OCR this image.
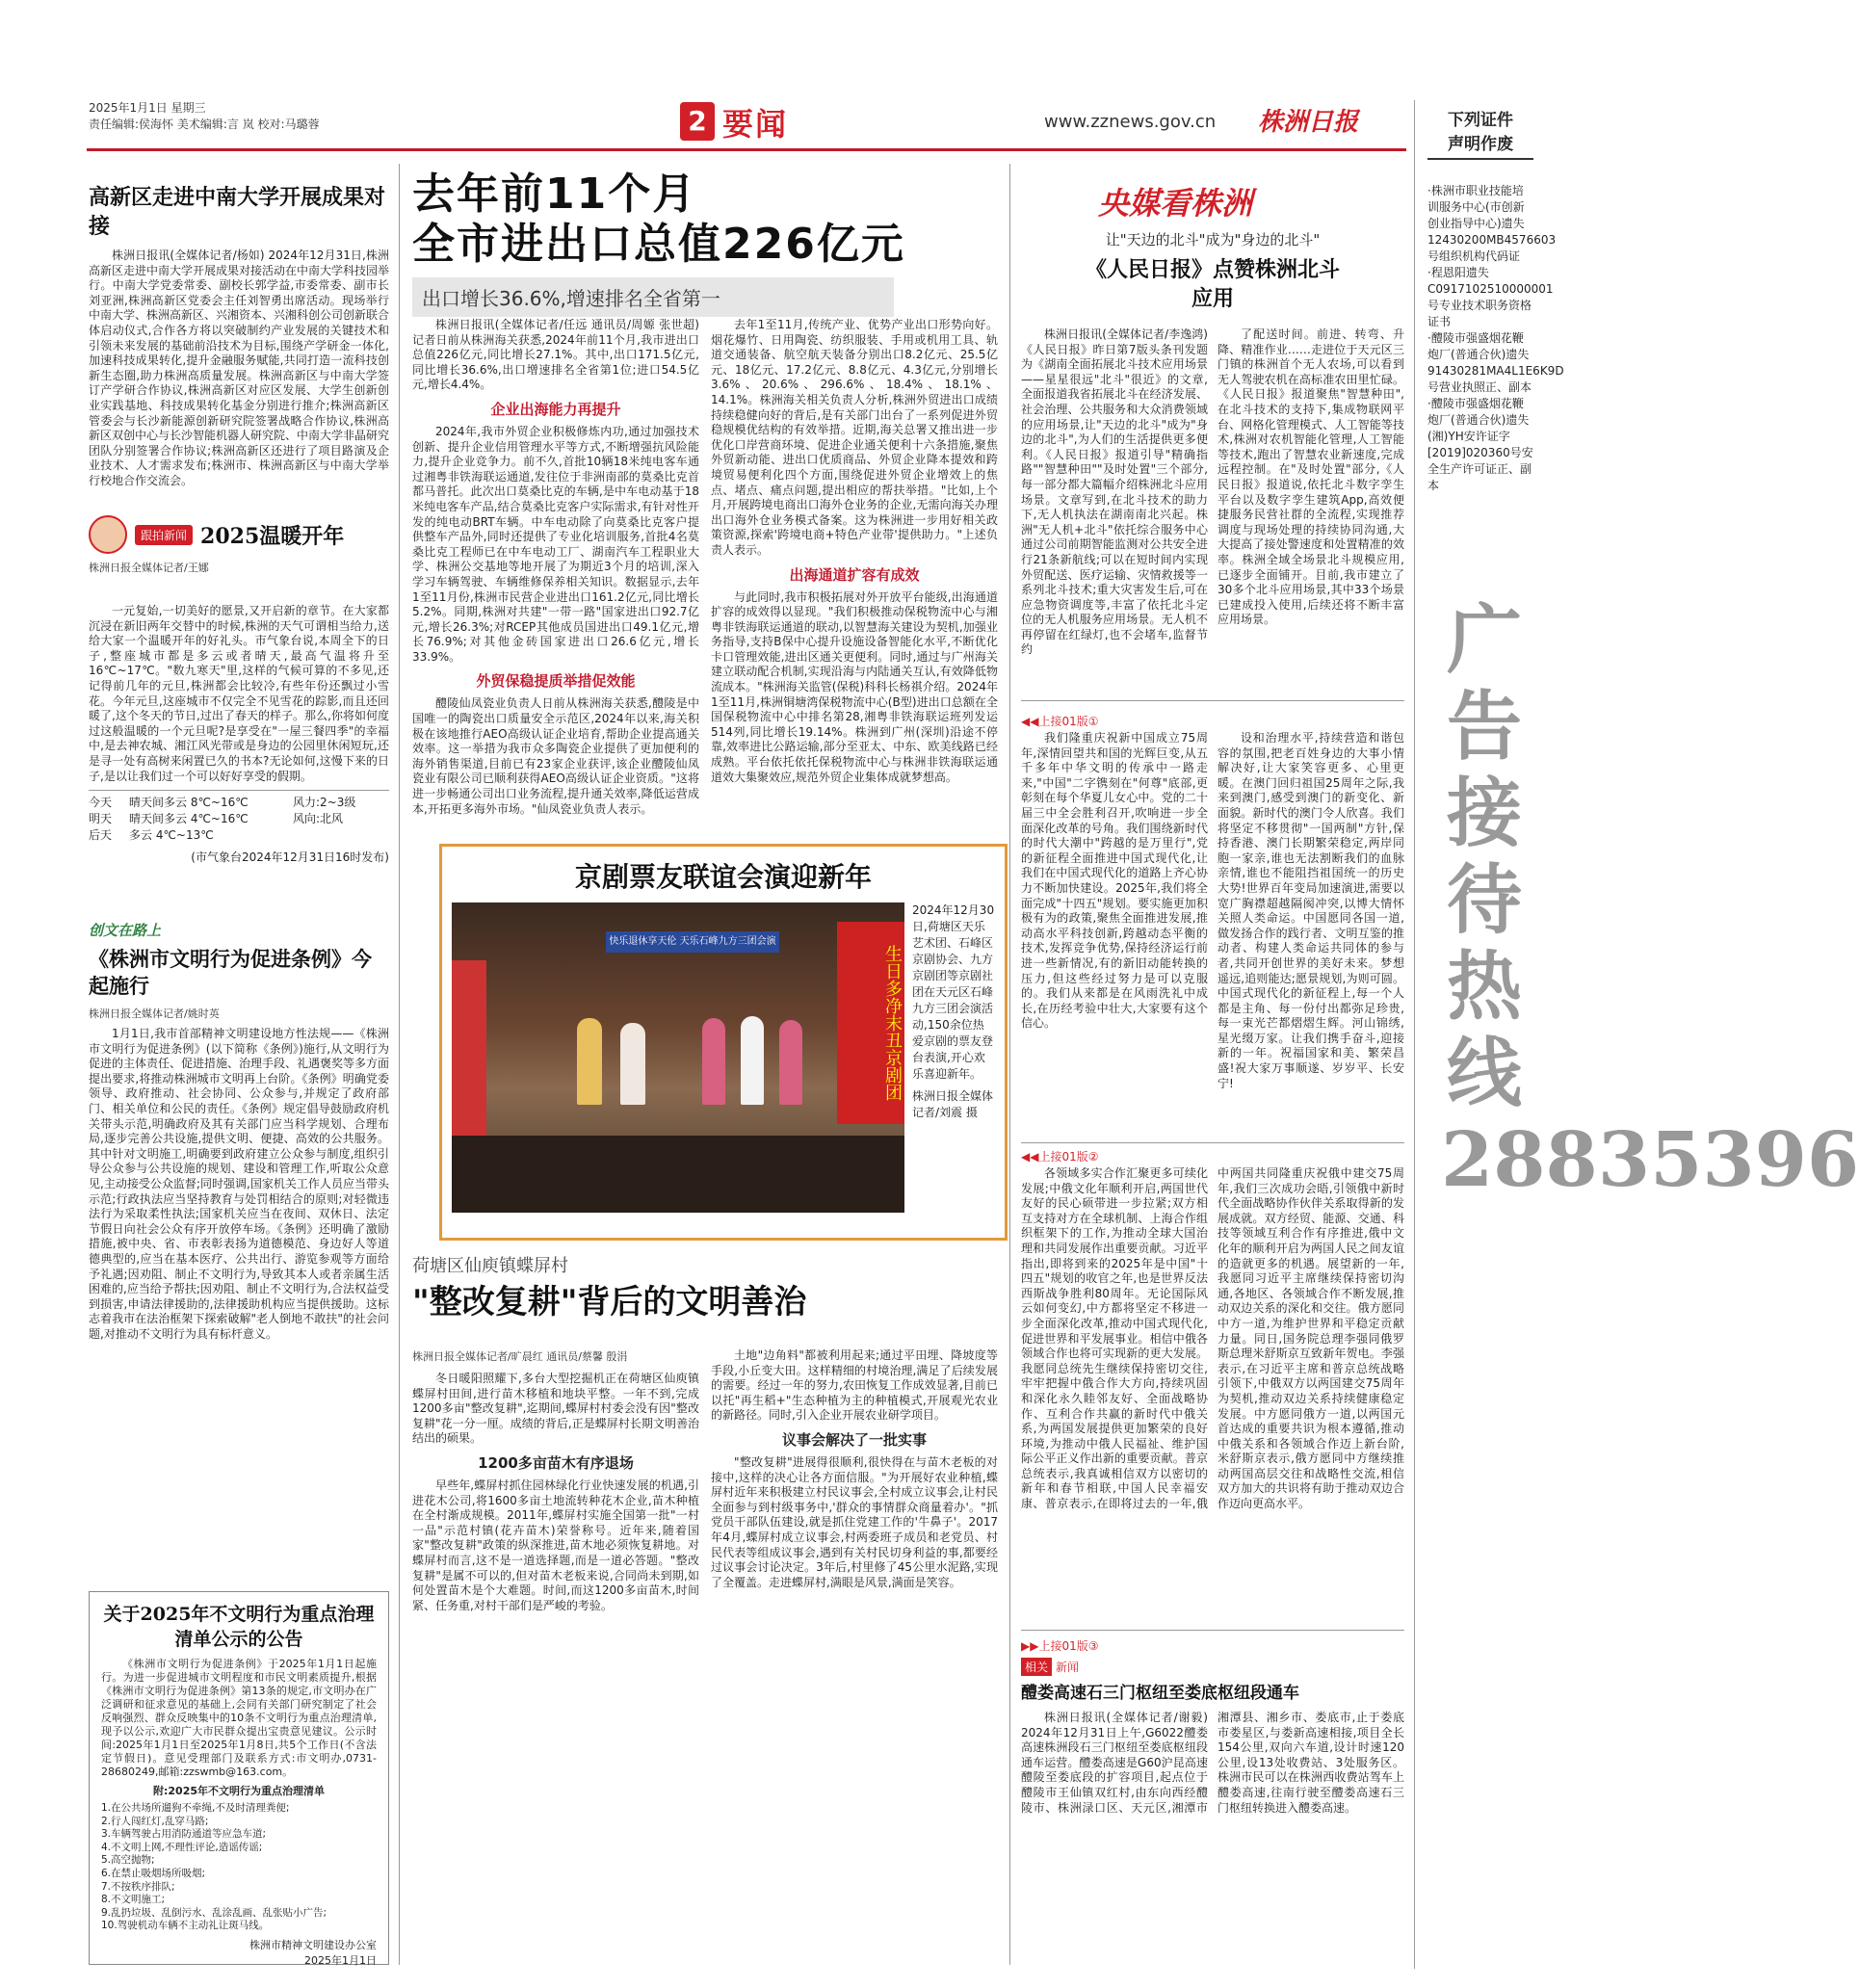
2025年1月1日 星期三
责任编辑:侯海怀 美术编辑:言 岚 校对:马璐蓉	2 要闻	www.zznews.gov.cn 株洲日报
高新区走进中南大学开展成果对接

株洲日报讯(全媒体记者/杨如) 2024年12月31日,株洲高新区走进中南大学开展成果对接活动在中南大学科技园举行。中南大学党委常委、副校长郭学益,市委常委、副市长刘亚洲,株洲高新区党委会主任刘智勇出席活动。现场举行中南大学、株洲高新区、兴湘资本、兴湘科创公司创新联合体启动仪式,合作各方将以突破制约产业发展的关键技术和引领未来发展的基础前沿技术为目标,围绕产学研金一体化,加速科技成果转化,提升金融服务赋能,共同打造一流科技创新生态圈,助力株洲高质量发展。株洲高新区与中南大学签订产学研合作协议,株洲高新区对应区发展、大学生创新创业实践基地、科技成果转化基金分别进行推介;株洲高新区管委会与长沙新能源创新研究院签署战略合作协议,株洲高新区双创中心与长沙智能机器人研究院、中南大学非晶研究团队分别签署合作协议;株洲高新区还进行了项目路演及企业技术、人才需求发布;株洲市、株洲高新区与中南大学举行校地合作交流会。

跟拍新闻 2025温暖开年
株洲日报全媒体记者/王娜

一元复始,一切美好的愿景,又开启新的章节。在大家都沉浸在新旧两年交替中的时候,株洲的天气可谓相当给力,送给大家一个温暖开年的好礼头。市气象台说,本周全下的日子,整座城市都是多云或者晴天,最高气温将升至16℃~17℃。"数九寒天"里,这样的气候可算的不多见,还记得前几年的元旦,株洲都会比较冷,有些年份还飘过小雪花。今年元旦,这座城市不仅完全不见雪花的踪影,而且还回暖了,这个冬天的节日,过出了春天的样子。那么,你将如何度过这般温暖的一个元旦呢?是享受在"一屋三餐四季"的幸福中,是去神农城、湘江风光带或是身边的公园里休闲短玩,还是寻一处有高树来闲置已久的书本?无论如何,这慢下来的日子,是以让我们过一个可以好好享受的假期。

今天	晴天间多云 8℃~16℃	风力:2~3级
明天	晴天间多云 4℃~16℃	风向:北风
后天	多云 4℃~13℃
(市气象台2024年12月31日16时发布)
创文在路上
《株洲市文明行为促进条例》今起施行
株洲日报全媒体记者/姚时英

1月1日,我市首部精神文明建设地方性法规——《株洲市文明行为促进条例》(以下简称《条例》)施行,从文明行为促进的主体责任、促进措施、治理手段、礼遇褒奖等多方面提出要求,将推动株洲城市文明再上台阶。《条例》明确党委领导、政府推动、社会协同、公众参与,并规定了政府部门、相关单位和公民的责任。《条例》规定倡导鼓励政府机关带头示范,明确政府及其有关部门应当科学规划、合理布局,逐步完善公共设施,提供文明、便捷、高效的公共服务。其中针对文明施工,明确要到政府建立公众参与制度,组织引导公众参与公共设施的规划、建设和管理工作,听取公众意见,主动接受公众监督;同时强调,国家机关工作人员应当带头示范;行政执法应当坚持教育与处罚相结合的原则;对轻微违法行为采取柔性执法;国家机关应当在夜间、双休日、法定节假日向社会公众有序开放停车场。《条例》还明确了激励措施,被中央、省、市表彰表扬为道德模范、身边好人等道德典型的,应当在基本医疗、公共出行、游览参观等方面给予礼遇;因劝阻、制止不文明行为,导致其本人或者亲属生活困难的,应当给予帮扶;因劝阻、制止不文明行为,合法权益受到损害,申请法律援助的,法律援助机构应当提供援助。这标志着我市在法治框架下探索破解"老人倒地不敢扶"的社会问题,对推动不文明行为具有标杆意义。

关于2025年不文明行为重点治理清单公示的公告

《株洲市文明行为促进条例》于2025年1月1日起施行。为进一步促进城市文明程度和市民文明素质提升,根据《株洲市文明行为促进条例》第13条的规定,市文明办在广泛调研和征求意见的基础上,会同有关部门研究制定了社会反响强烈、群众反映集中的10条不文明行为重点治理清单,现予以公示,欢迎广大市民群众提出宝贵意见建议。公示时间:2025年1月1日至2025年1月8日,共5个工作日(不含法定节假日)。意见受理部门及联系方式:市文明办,0731-28680249,邮箱:zzswmb@163.com。

附:2025年不文明行为重点治理清单
1.在公共场所遛狗不牵绳,不及时清理粪便;
2.行人闯红灯,乱穿马路;
3.车辆驾驶占用消防通道等应急车道;
4.不文明上网,不理性评论,造谣传谣;
5.高空抛物;
6.在禁止吸烟场所吸烟;
7.不按秩序排队;
8.不文明施工;
9.乱扔垃圾、乱倒污水、乱涂乱画、乱张贴小广告;
10.驾驶机动车辆不主动礼让斑马线。
株洲市精神文明建设办公室
2025年1月1日
去年前11个月
全市进出口总值226亿元
出口增长36.6%,增速排名全省第一

株洲日报讯(全媒体记者/任远 通讯员/周嫄 张世超) 记者日前从株洲海关获悉,2024年前11个月,我市进出口总值226亿元,同比增长27.1%。其中,出口171.5亿元,同比增长36.6%,出口增速排名全省第1位;进口54.5亿元,增长4.4%。

企业出海能力再提升

2024年,我市外贸企业积极修炼内功,通过加强技术创新、提升企业信用管理水平等方式,不断增强抗风险能力,提升企业竞争力。前不久,首批10辆18米纯电客车通过湘粤非铁海联运通道,发往位于非洲南部的莫桑比克首都马普托。此次出口莫桑比克的车辆,是中车电动基于18米纯电客车产品,结合莫桑比克客户实际需求,有针对性开发的纯电动BRT车辆。中车电动除了向莫桑比克客户提供整车产品外,同时还提供了专业化培训服务,首批4名莫桑比克工程师已在中车电动工厂、湖南汽车工程职业大学、株洲公交基地等地开展了为期近3个月的培训,深入学习车辆驾驶、车辆维修保养相关知识。数据显示,去年1至11月份,株洲市民营企业进出口161.2亿元,同比增长5.2%。同期,株洲对共建"一带一路"国家进出口92.7亿元,增长26.3%;对RCEP其他成员国进出口49.1亿元,增长76.9%;对其他金砖国家进出口26.6亿元,增长33.9%。

外贸保稳提质举措促效能

醴陵仙凤瓷业负责人日前从株洲海关获悉,醴陵是中国唯一的陶瓷出口质量安全示范区,2024年以来,海关积极在该地推行AEO高级认证企业培育,帮助企业提高通关效率。这一举措为我市众多陶瓷企业提供了更加便利的海外销售渠道,目前已有23家企业获评,该企业醴陵仙凤瓷业有限公司已顺利获得AEO高级认证企业资质。"这将进一步畅通公司出口业务流程,提升通关效率,降低运营成本,开拓更多海外市场。"仙凤瓷业负责人表示。

去年1至11月,传统产业、优势产业出口形势向好。烟花爆竹、日用陶瓷、纺织服装、手用或机用工具、轨道交通装备、航空航天装备分别出口8.2亿元、25.5亿元、18亿元、17.2亿元、8.8亿元、4.3亿元,分别增长3.6%、20.6%、296.6%、18.4%、18.1%、14.1%。株洲海关相关负责人分析,株洲外贸进出口成绩持续稳健向好的背后,是有关部门出台了一系列促进外贸稳规模优结构的有效举措。近期,海关总署又推出进一步优化口岸营商环境、促进企业通关便利十六条措施,聚焦外贸新动能、进出口优质商品、外贸企业降本提效和跨境贸易便利化四个方面,围绕促进外贸企业增效上的焦点、堵点、痛点问题,提出相应的帮扶举措。"比如,上个月,开展跨境电商出口海外仓业务的企业,无需向海关办理出口海外仓业务模式备案。这为株洲进一步用好相关政策资源,探索'跨境电商+特色产业带'提供助力。"上述负责人表示。

出海通道扩容有成效

与此同时,我市积极拓展对外开放平台能级,出海通道扩容的成效得以显现。"我们积极推动保税物流中心与湘粤非铁海联运通道的联动,以智慧海关建设为契机,加强业务指导,支持B保中心提升设施设备智能化水平,不断优化卡口管理效能,进出区通关更便利。同时,通过与广州海关建立联动配合机制,实现沿海与内陆通关互认,有效降低物流成本。"株洲海关监管(保税)科科长杨祺介绍。2024年1至11月,株洲铜塘湾保税物流中心(B型)进出口总额在全国保税物流中心中排名第28,湘粤非铁海联运班列发运514列,同比增长19.14%。株洲到广州(深圳)沿途不停靠,效率进比公路运输,部分至亚太、中东、欧美线路已经成熟。平台依托依托保税物流中心与株洲非铁海联运通道效大集聚效应,规范外贸企业集体成就梦想高。

央媒看株洲
让"天边的北斗"成为"身边的北斗"
《人民日报》点赞株洲北斗应用

株洲日报讯(全媒体记者/李逸鸿) 《人民日报》昨日第7版头条刊发题为《湖南全面拓展北斗技术应用场景——星星很远"北斗"很近》的文章,全面报道我省拓展北斗在经济发展、社会治理、公共服务和大众消费领域的应用场景,让"天边的北斗"成为"身边的北斗",为人们的生活提供更多便利。《人民日报》报道引导"精确指路""智慧种田""及时处置"三个部分,每一部分都大篇幅介绍株洲北斗应用场景。文章写到,在北斗技术的助力下,无人机执法在湖南南北兴起。株洲"无人机+北斗"依托综合服务中心通过公司前期智能监测对公共安全进行21条新航线;可以在短时间内实现外贸配送、医疗运输、灾情救援等一系列北斗技术;重大灾害发生后,可在应急物资调度等,丰富了依托北斗定位的无人机服务应用场景。无人机不再停留在红绿灯,也不会堵车,监督节约

了配送时间。前进、转弯、升降、精准作业……走进位于天元区三门镇的株洲首个无人农场,可以看到无人驾驶农机在高标准农田里忙碌。《人民日报》报道聚焦"智慧种田",在北斗技术的支持下,集成物联网平台、网格化管理模式、人工智能等技术,株洲对农机智能化管理,人工智能等技术,跑出了智慧农业新速度,完成远程控制。在"及时处置"部分,《人民日报》报道说,依托北斗数字孪生平台以及数字孪生建筑App,高效便捷服务民营社群的全流程,实现推荐调度与现场处理的持续协同沟通,大大提高了接处警速度和处置精准的效率。株洲全域全场景北斗规模应用,已逐步全面铺开。目前,我市建立了30多个北斗应用场景,其中33个场景已建成投入使用,后续还将不断丰富应用场景。

京剧票友联谊会演迎新年
快乐退休享天伦 天乐石峰九方三团会演
生日多净末丑京剧团
2024年12月30日,荷塘区天乐艺术团、石峰区京剧协会、九方京剧团等京剧社团在天元区石峰九方三团会演活动,150余位热爱京剧的票友登台表演,开心欢乐喜迎新年。
株洲日报全媒体记者/刘震 摄
◀◀上接01版①

我们隆重庆祝新中国成立75周年,深情回望共和国的光辉巨变,从五千多年中华文明的传承中一路走来,"中国"二字镌刻在"何尊"底部,更彰刻在每个华夏儿女心中。党的二十届三中全会胜利召开,吹响进一步全面深化改革的号角。我们围绕新时代的时代大潮中"跨越的是万里行",党的新征程全面推进中国式现代化,让我们在中国式现代化的道路上齐心协力不断加快建设。2025年,我们将全面完成"十四五"规划。要实施更加积极有为的政策,聚焦全面推进发展,推动高水平科技创新,跨越动态平衡的技术,发挥竞争优势,保持经济运行前进一些新情况,有的新旧动能转换的压力,但这些经过努力是可以克服的。我们从来都是在风雨洗礼中成长,在历经考验中壮大,大家要有这个信心。

设和治理水平,持续营造和谐包容的氛围,把老百姓身边的大事小情解决好,让大家笑容更多、心里更暖。在澳门回归祖国25周年之际,我来到澳门,感受到澳门的新变化、新面貌。新时代的澳门令人欣喜。我们将坚定不移贯彻"一国两制"方针,保持香港、澳门长期繁荣稳定,两岸同胞一家亲,谁也无法割断我们的血脉亲情,谁也不能阻挡祖国统一的历史大势!世界百年变局加速演进,需要以宽广胸襟超越隔阂冲突,以博大情怀关照人类命运。中国愿同各国一道,做发扬合作的践行者、文明互鉴的推动者、构建人类命运共同体的参与者,共同开创世界的美好未来。梦想遥远,追则能达;愿景规划,为则可圆。中国式现代化的新征程上,每一个人都是主角、每一份付出都弥足珍贵,每一束光芒都熠熠生辉。河山锦绣,星光缀万家。让我们携手奋斗,迎接新的一年。祝福国家和美、繁荣昌盛!祝大家万事顺遂、岁岁平、长安宁!

◀◀上接01版②

各领域多实合作汇聚更多可续化发展;中俄文化年顺利开启,两国世代友好的民心硕带进一步拉紧;双方相互支持对方在全球机制、上海合作组织框架下的工作,为推动全球大国治理和共同发展作出重要贡献。习近平指出,即将到来的2025年是中国"十四五"规划的收官之年,也是世界反法西斯战争胜利80周年。无论国际风云如何变幻,中方都将坚定不移进一步全面深化改革,推动中国式现代化,促进世界和平发展事业。相信中俄各领域合作也将可实现新的更大发展。我愿同总统先生继续保持密切交往,牢牢把握中俄合作大方向,持续巩固和深化永久睦邻友好、全面战略协作、互利合作共赢的新时代中俄关系,为两国发展提供更加繁荣的良好环境,为推动中俄人民福祉、维护国际公平正义作出新的重要贡献。普京总统表示,我真诚相信双方以密切的新年和春节相联,中国人民幸福安康、普京表示,在即将过去的一年,俄中两国共同隆重庆祝俄中建交75周年,我们三次成功会晤,引领俄中新时代全面战略协作伙伴关系取得新的发展成就。双方经贸、能源、交通、科技等领域互利合作有序推进,俄中文化年的顺利开启为两国人民之间友谊的造就更多的机遇。展望新的一年,我愿同习近平主席继续保持密切沟通,各地区、各领域合作不断发展,推动双边关系的深化和交往。俄方愿同中方一道,为维护世界和平稳定贡献力量。同日,国务院总理李强同俄罗斯总理米舒斯京互致新年贺电。李强表示,在习近平主席和普京总统战略引领下,中俄双方以两国建交75周年为契机,推动双边关系持续健康稳定发展。中方愿同俄方一道,以两国元首达成的重要共识为根本遵循,推动中俄关系和各领域合作迈上新台阶,米舒斯京表示,俄方愿同中方继续推动两国高层交往和战略性交流,相信双方加大的共识将有助于推动双边合作迈向更高水平。

▶▶上接01版③
相关 新闻
醴娄高速石三门枢纽至娄底枢纽段通车

株洲日报讯(全媒体记者/谢毅) 2024年12月31日上午,G6022醴娄高速株洲段石三门枢纽至娄底枢纽段通车运营。醴娄高速是G60沪昆高速醴陵至娄底段的扩容项目,起点位于醴陵市王仙镇双红村,由东向西经醴陵市、株洲渌口区、天元区,湘潭市湘潭县、湘乡市、娄底市,止于娄底市娄星区,与娄新高速相接,项目全长154公里,双向六车道,设计时速120公里,设13处收费站、3处服务区。株洲市民可以在株洲西收费站驾车上醴娄高速,往南行驶至醴娄高速石三门枢纽转换进入醴娄高速。

荷塘区仙庾镇蝶屏村
"整改复耕"背后的文明善治
株洲日报全媒体记者/旷晨红 通讯员/蔡馨 殷涓

冬日暖阳照耀下,多台大型挖掘机正在荷塘区仙庾镇蝶屏村田间,进行苗木移植和地块平整。一年不到,完成1200多亩"整改复耕",迄期间,蝶屏村村委会没有因"整改复耕"花一分一厘。成绩的背后,正是蝶屏村长期文明善治结出的硕果。

1200多亩苗木有序退场

早些年,蝶屏村抓住园林绿化行业快速发展的机遇,引进花木公司,将1600多亩土地流转种花木企业,苗木种植在全村渐成规模。2011年,蝶屏村实施全国第一批"一村一品"示范村镇(花卉苗木)荣誉称号。近年来,随着国家"整改复耕"政策的纵深推进,苗木地必须恢复耕地。对蝶屏村而言,这不是一道选择题,而是一道必答题。"整改复耕"是属不可以的,但对苗木老板来说,合同尚未到期,如何处置苗木是个大难题。时间,而这1200多亩苗木,时间紧、任务重,对村干部们是严峻的考验。

土地"边角料"都被利用起来;通过平田埋、降坡度等手段,小丘变大田。这样精细的村境治理,满足了后续发展的需要。经过一年的努力,农田恢复工作成效显著,目前已以托"再生稻+"生态种植为主的种植模式,开展观光农业的新路径。同时,引入企业开展农业研学项目。

议事会解决了一批实事

"整改复耕"进展得很顺利,很快得在与苗木老板的对接中,这样的决心让各方面信服。"为开展好农业种植,蝶屏村近年来积极建立村民议事会,全村成立议事会,让村民全面参与到村级事务中,'群众的事情群众商量着办'。"抓党员干部队伍建设,就是抓住党建工作的'牛鼻子'。2017年4月,蝶屏村成立议事会,村两委班子成员和老党员、村民代表等组成议事会,遇到有关村民切身利益的事,都要经过议事会讨论决定。3年后,村里修了45公里水泥路,实现了全覆盖。走进蝶屏村,满眼是风景,满面是笑容。

下列证件
声明作废
·株洲市职业技能培训服务中心(市创新创业指导中心)遗失12430200MB4576603号组织机构代码证
·程恩阳遗失C0917102510000001号专业技术职务资格证书
·醴陵市强盛烟花鞭炮厂(普通合伙)遗失91430281MA4L1E6K9D号营业执照正、副本
·醴陵市强盛烟花鞭炮厂(普通合伙)遗失(湘)YH安许证字[2019]020360号安全生产许可证正、副本
广告接待热线28835396
